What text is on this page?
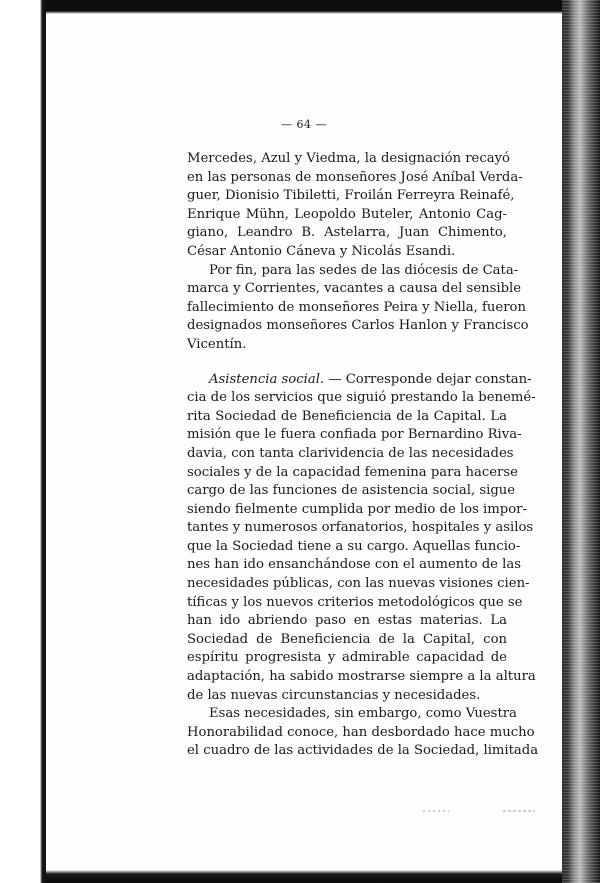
— 64 —
Mercedes, Azul y Viedma, la designación recayó
en las personas de monseñores José Aníbal Verda-
guer, Dionisio Tibiletti, Froilán Ferreyra Reinafé,
Enrique Mühn, Leopoldo Buteler, Antonio Cag-
giano, Leandro B. Astelarra, Juan Chimento,
César Antonio Cáneva y Nicolás Esandi.
Por fin, para las sedes de las diócesis de Cata-
marca y Corrientes, vacantes a causa del sensible
fallecimiento de monseñores Peira y Niella, fueron
designados monseñores Carlos Hanlon y Francisco
Vicentín.
Asistencia social. — Corresponde dejar constan-
cia de los servicios que siguió prestando la benemé-
rita Sociedad de Beneficiencia de la Capital. La
misión que le fuera confiada por Bernardino Riva-
davia, con tanta clarividencia de las necesidades
sociales y de la capacidad femenina para hacerse
cargo de las funciones de asistencia social, sigue
siendo fielmente cumplida por medio de los impor-
tantes y numerosos orfanatorios, hospitales y asilos
que la Sociedad tiene a su cargo. Aquellas funcio-
nes han ido ensanchándose con el aumento de las
necesidades públicas, con las nuevas visiones cien-
tíficas y los nuevos criterios metodológicos que se
han ido abriendo paso en estas materias. La
Sociedad de Beneficiencia de la Capital, con
espíritu progresista y admirable capacidad de
adaptación, ha sabido mostrarse siempre a la altura
de las nuevas circunstancias y necesidades.
Esas necesidades, sin embargo, como Vuestra
Honorabilidad conoce, han desbordado hace mucho
el cuadro de las actividades de la Sociedad, limitada
